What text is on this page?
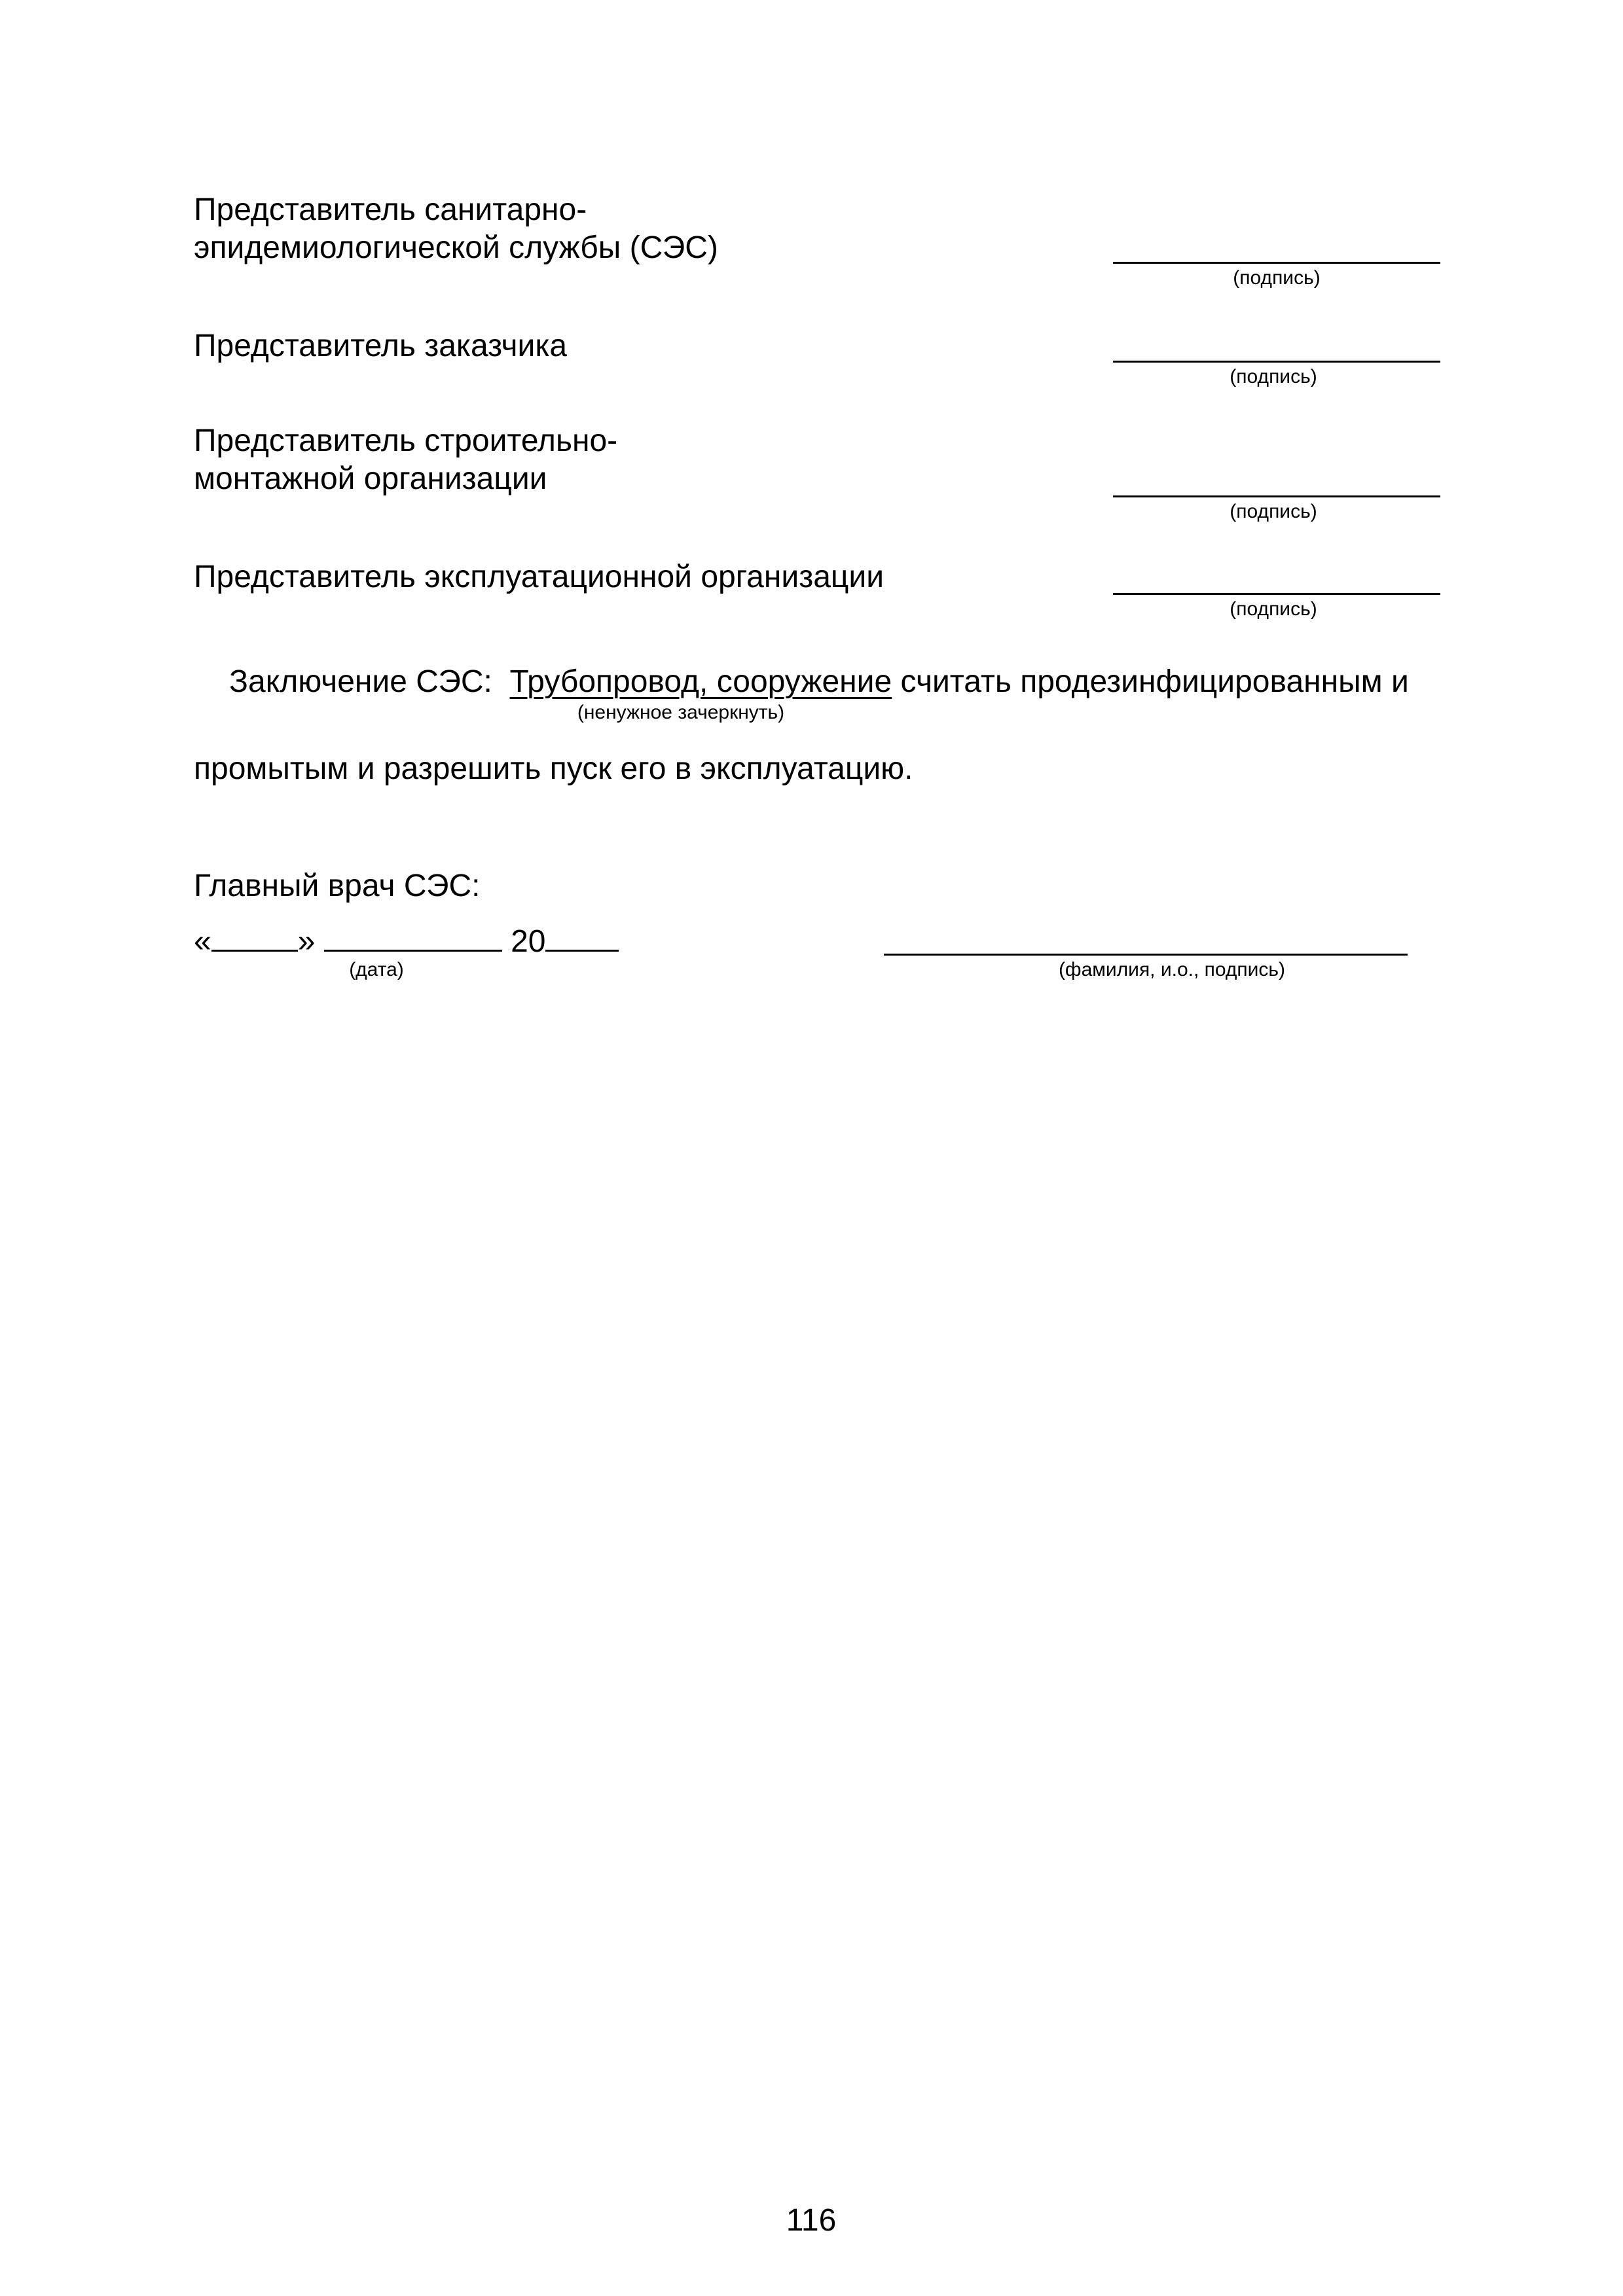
Представитель санитарно-

эпидемиологической службы (СЭС)

(подпись)

Представитель заказчика

(подпись)

Представитель строительно-

монтажной организации

(подпись)

Представитель эксплуатационной организации

(подпись)

Заключение СЭС: Трубопровод, сооружение считать продезинфицированным и

(ненужное зачеркнуть)

промытым и разрешить пуск его в эксплуатацию.

Главный врач СЭС:

«	»	20

(дата)	(фамилия, и.о., подпись)
116
